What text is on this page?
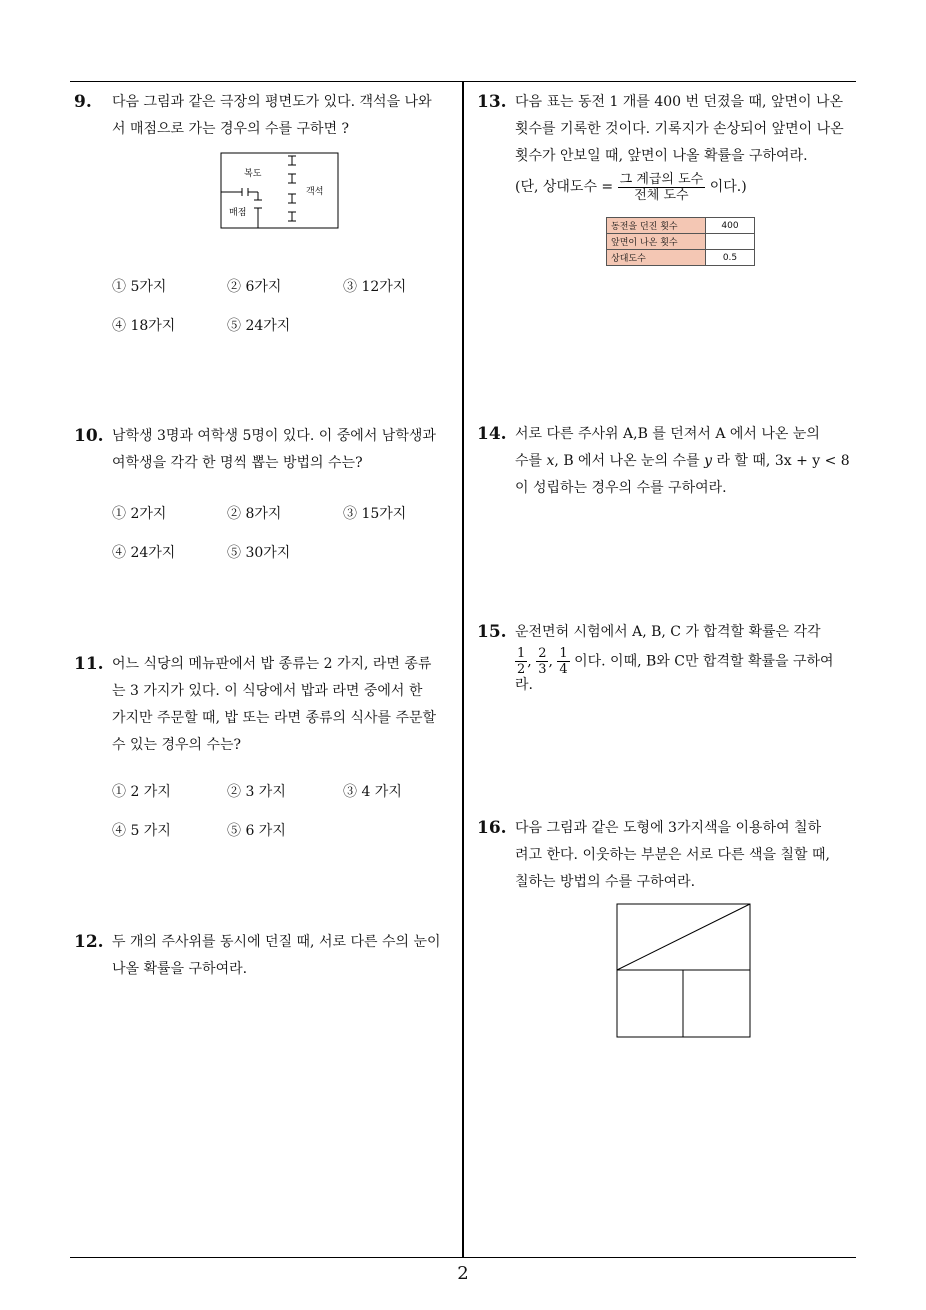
9. 다음 그림과 같은 극장의 평면도가 있다. 객석을 나와

서 매점으로 가는 경우의 수를 구하면 ?

복도
객석
매점
① 5가지	② 6가지	③ 12가지
④ 18가지	⑤ 24가지
10. 남학생 3명과 여학생 5명이 있다. 이 중에서 남학생과

여학생을 각각 한 명씩 뽑는 방법의 수는?

① 2가지	② 8가지	③ 15가지
④ 24가지	⑤ 30가지
11. 어느 식당의 메뉴판에서 밥 종류는 2 가지, 라면 종류

는 3 가지가 있다. 이 식당에서 밥과 라면 중에서 한

가지만 주문할 때, 밥 또는 라면 종류의 식사를 주문할

수 있는 경우의 수는?

① 2 가지	② 3 가지	③ 4 가지
④ 5 가지	⑤ 6 가지
12. 두 개의 주사위를 동시에 던질 때, 서로 다른 수의 눈이

나올 확률을 구하여라.

13. 다음 표는 동전 1 개를 400 번 던졌을 때, 앞면이 나온

횟수를 기록한 것이다. 기록지가 손상되어 앞면이 나온

횟수가 안보일 때, 앞면이 나올 확률을 구하여라.

(단, 상대도수 = $\frac{\text{그 계급의 도수}}{\text{전체 도수}}$ 이다.)

동전을 던진 횟수	400
앞면이 나온 횟수	
상대도수	0.5
14. 서로 다른 주사위 A,B 를 던져서 A 에서 나온 눈의

수를 x, B 에서 나온 눈의 수를 y 라 할 때, 3x + y < 8

이 성립하는 경우의 수를 구하여라.

15. 운전면허 시험에서 A, B, C 가 합격할 확률은 각각

$\frac{1}{2}$ , $\frac{2}{3}$ , $\frac{1}{4}$ 이다. 이때, B와 C만 합격할 확률을 구하여

라.

16. 다음 그림과 같은 도형에 3가지색을 이용하여 칠하

려고 한다. 이웃하는 부분은 서로 다른 색을 칠할 때,

칠하는 방법의 수를 구하여라.

2
